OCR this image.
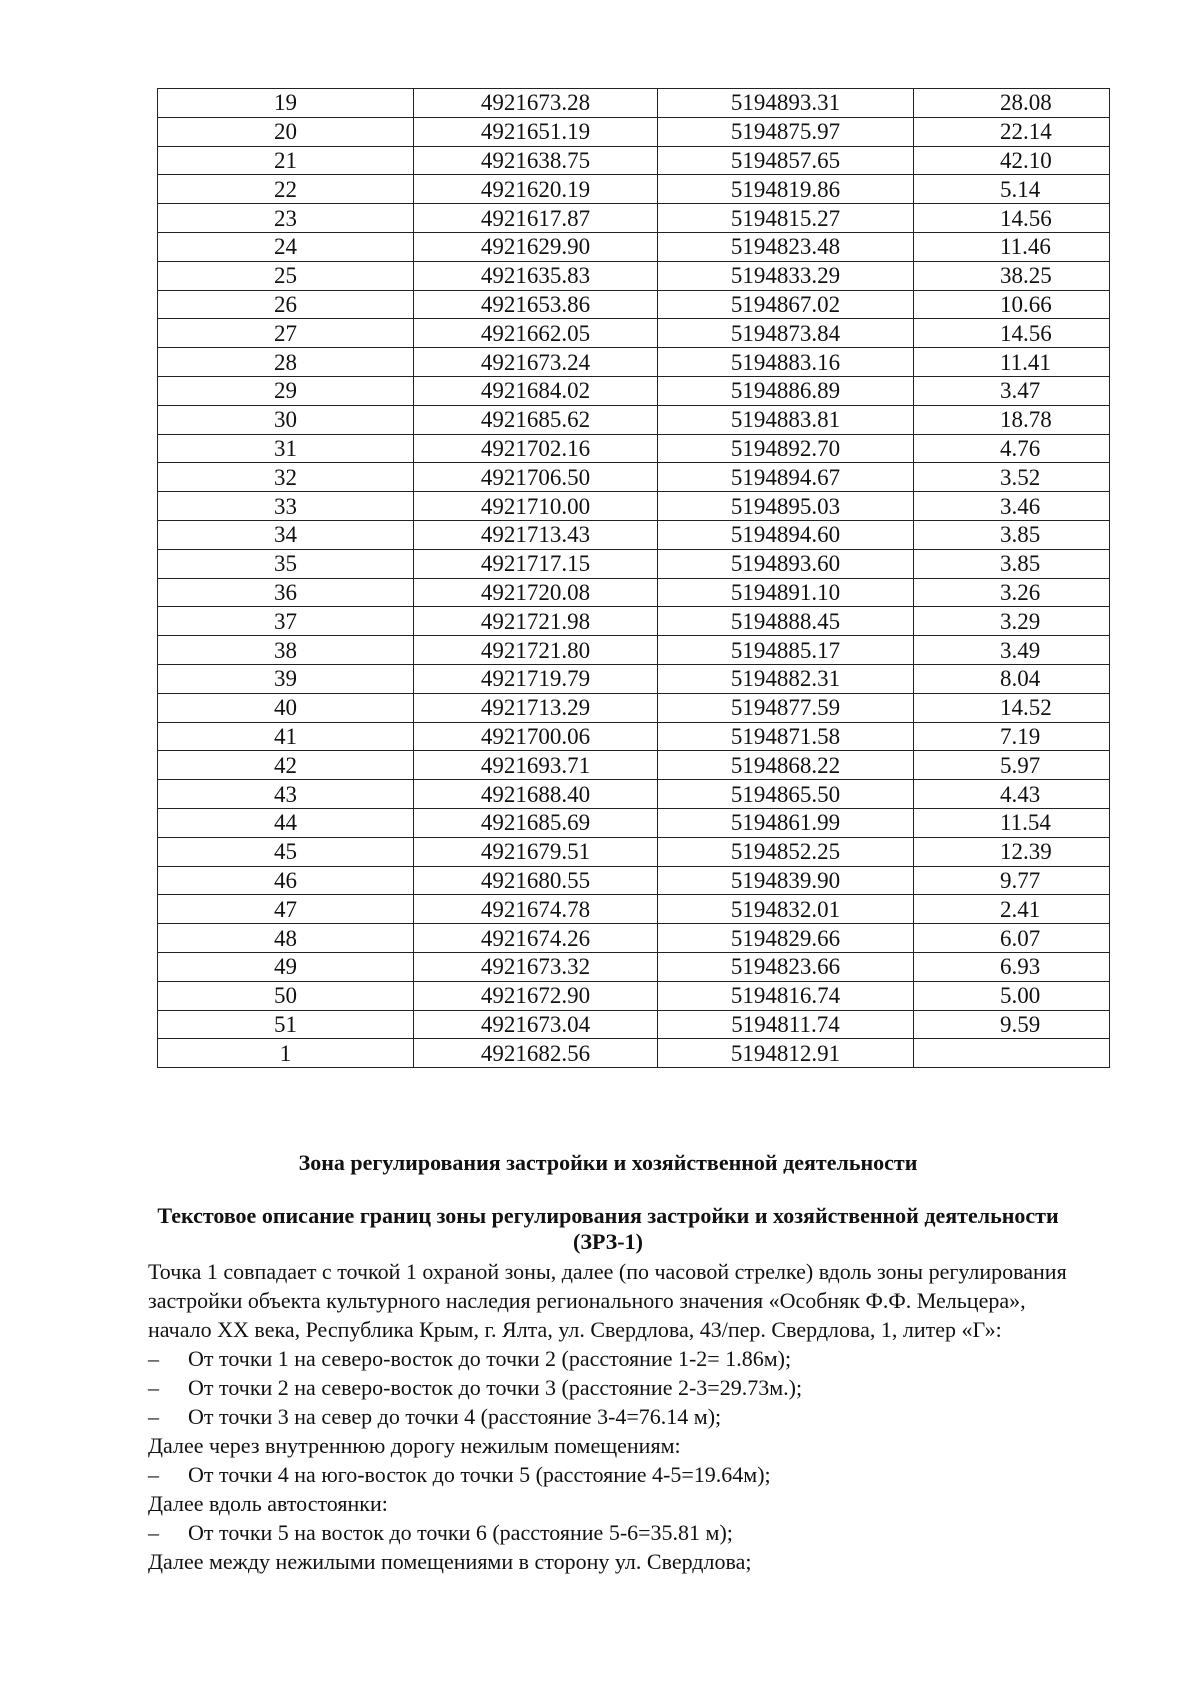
19	4921673.28	5194893.31	28.08
20	4921651.19	5194875.97	22.14
21	4921638.75	5194857.65	42.10
22	4921620.19	5194819.86	5.14
23	4921617.87	5194815.27	14.56
24	4921629.90	5194823.48	11.46
25	4921635.83	5194833.29	38.25
26	4921653.86	5194867.02	10.66
27	4921662.05	5194873.84	14.56
28	4921673.24	5194883.16	11.41
29	4921684.02	5194886.89	3.47
30	4921685.62	5194883.81	18.78
31	4921702.16	5194892.70	4.76
32	4921706.50	5194894.67	3.52
33	4921710.00	5194895.03	3.46
34	4921713.43	5194894.60	3.85
35	4921717.15	5194893.60	3.85
36	4921720.08	5194891.10	3.26
37	4921721.98	5194888.45	3.29
38	4921721.80	5194885.17	3.49
39	4921719.79	5194882.31	8.04
40	4921713.29	5194877.59	14.52
41	4921700.06	5194871.58	7.19
42	4921693.71	5194868.22	5.97
43	4921688.40	5194865.50	4.43
44	4921685.69	5194861.99	11.54
45	4921679.51	5194852.25	12.39
46	4921680.55	5194839.90	9.77
47	4921674.78	5194832.01	2.41
48	4921674.26	5194829.66	6.07
49	4921673.32	5194823.66	6.93
50	4921672.90	5194816.74	5.00
51	4921673.04	5194811.74	9.59
1	4921682.56	5194812.91	
Зона регулирования застройки и хозяйственной деятельности
Текстовое описание границ зоны регулирования застройки и хозяйственной деятельности (ЗРЗ-1)

Точка 1 совпадает с точкой 1 охраной зоны, далее (по часовой стрелке) вдоль зоны регулирования застройки объекта культурного наследия регионального значения «Особняк Ф.Ф. Мельцера», начало ХХ века, Республика Крым, г. Ялта, ул. Свердлова, 43/пер. Свердлова, 1, литер «Г»:

–	От точки 1 на северо-восток до точки 2 (расстояние 1-2= 1.86м);

–	От точки 2 на северо-восток до точки 3 (расстояние 2-3=29.73м.);

–	От точки 3 на север до точки 4 (расстояние 3-4=76.14 м);

Далее через внутреннюю дорогу нежилым помещениям:

–	От точки 4 на юго-восток до точки 5 (расстояние 4-5=19.64м);

Далее вдоль автостоянки:

–	От точки 5 на восток до точки 6 (расстояние 5-6=35.81 м);

Далее между нежилыми помещениями в сторону ул. Свердлова;
